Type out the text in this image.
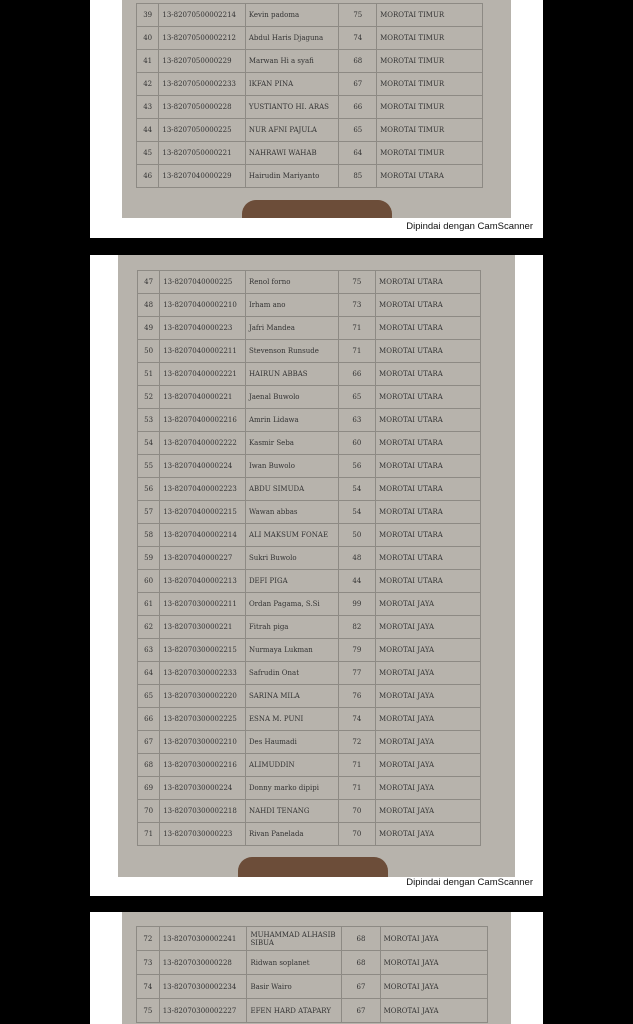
39	13-82070500002214	Kevin padoma	75	MOROTAI TIMUR
40	13-82070500002212	Abdul Haris Djaguna	74	MOROTAI TIMUR
41	13-8207050000229	Marwan Hi a syafi	68	MOROTAI TIMUR
42	13-82070500002233	IKFAN PINA	67	MOROTAI TIMUR
43	13-8207050000228	YUSTIANTO HI. ARAS	66	MOROTAI TIMUR
44	13-8207050000225	NUR AFNI PAJULA	65	MOROTAI TIMUR
45	13-8207050000221	NAHRAWI WAHAB	64	MOROTAI TIMUR
46	13-8207040000229	Hairudin Mariyanto	85	MOROTAI UTARA
Dipindai dengan CamScanner
47	13-8207040000225	Renol forno	75	MOROTAI UTARA
48	13-82070400002210	Irham ano	73	MOROTAI UTARA
49	13-8207040000223	Jafri Mandea	71	MOROTAI UTARA
50	13-82070400002211	Stevenson Runsude	71	MOROTAI UTARA
51	13-82070400002221	HAIRUN ABBAS	66	MOROTAI UTARA
52	13-8207040000221	Jaenal Buwolo	65	MOROTAI UTARA
53	13-82070400002216	Amrin Lidawa	63	MOROTAI UTARA
54	13-82070400002222	Kasmir Seba	60	MOROTAI UTARA
55	13-8207040000224	Iwan Buwolo	56	MOROTAI UTARA
56	13-82070400002223	ABDU SIMUDA	54	MOROTAI UTARA
57	13-82070400002215	Wawan abbas	54	MOROTAI UTARA
58	13-82070400002214	ALI MAKSUM FONAE	50	MOROTAI UTARA
59	13-8207040000227	Sukri Buwolo	48	MOROTAI UTARA
60	13-82070400002213	DEFI PIGA	44	MOROTAI UTARA
61	13-82070300002211	Ordan Pagama, S.Si	99	MOROTAI JAYA
62	13-8207030000221	Fitrah piga	82	MOROTAI JAYA
63	13-82070300002215	Nurmaya Lukman	79	MOROTAI JAYA
64	13-82070300002233	Safrudin Onat	77	MOROTAI JAYA
65	13-82070300002220	SARINA MILA	76	MOROTAI JAYA
66	13-82070300002225	ESNA M. PUNI	74	MOROTAI JAYA
67	13-82070300002210	Des Haumadi	72	MOROTAI JAYA
68	13-82070300002216	ALIMUDDIN	71	MOROTAI JAYA
69	13-8207030000224	Donny marko dipipi	71	MOROTAI JAYA
70	13-82070300002218	NAHDI TENANG	70	MOROTAI JAYA
71	13-8207030000223	Rivan Panelada	70	MOROTAI JAYA
Dipindai dengan CamScanner
72	13-82070300002241	MUHAMMAD ALHASIB SIBUA	68	MOROTAI JAYA
73	13-8207030000228	Ridwan soplanet	68	MOROTAI JAYA
74	13-82070300002234	Basir Wairo	67	MOROTAI JAYA
75	13-82070300002227	EFEN HARD ATAPARY	67	MOROTAI JAYA
